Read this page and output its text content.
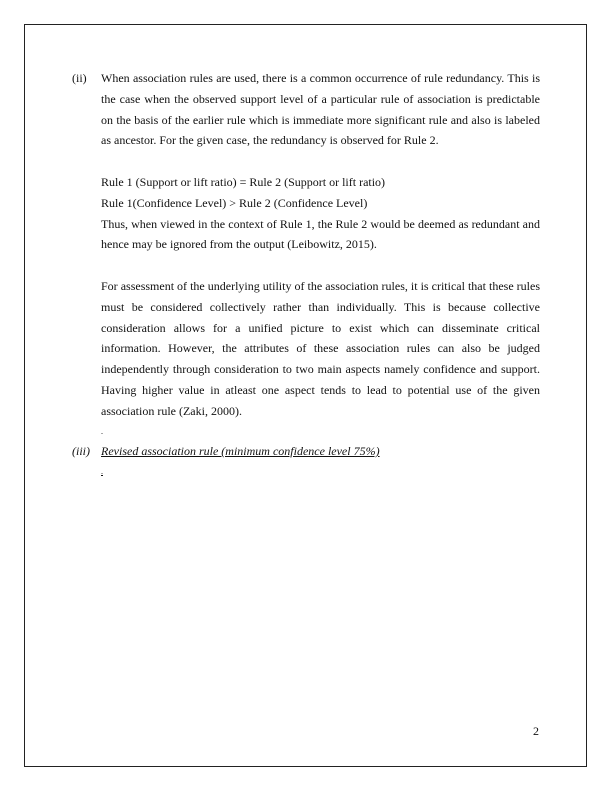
(ii) When association rules are used, there is a common occurrence of rule redundancy. This is the case when the observed support level of a particular rule of association is predictable on the basis of the earlier rule which is immediate more significant rule and also is labeled as ancestor. For the given case, the redundancy is observed for Rule 2.

Rule 1 (Support or lift ratio) = Rule 2 (Support or lift ratio)

Rule 1(Confidence Level) > Rule 2 (Confidence Level)

Thus, when viewed in the context of Rule 1, the Rule 2 would be deemed as redundant and hence may be ignored from the output (Leibowitz, 2015).

For assessment of the underlying utility of the association rules, it is critical that these rules must be considered collectively rather than individually. This is because collective consideration allows for a unified picture to exist which can disseminate critical information. However, the attributes of these association rules can also be judged independently through consideration to two main aspects namely confidence and support. Having higher value in atleast one aspect tends to lead to potential use of the given association rule (Zaki, 2000).

.

(iii) Revised association rule (minimum confidence level 75%)

.

2
